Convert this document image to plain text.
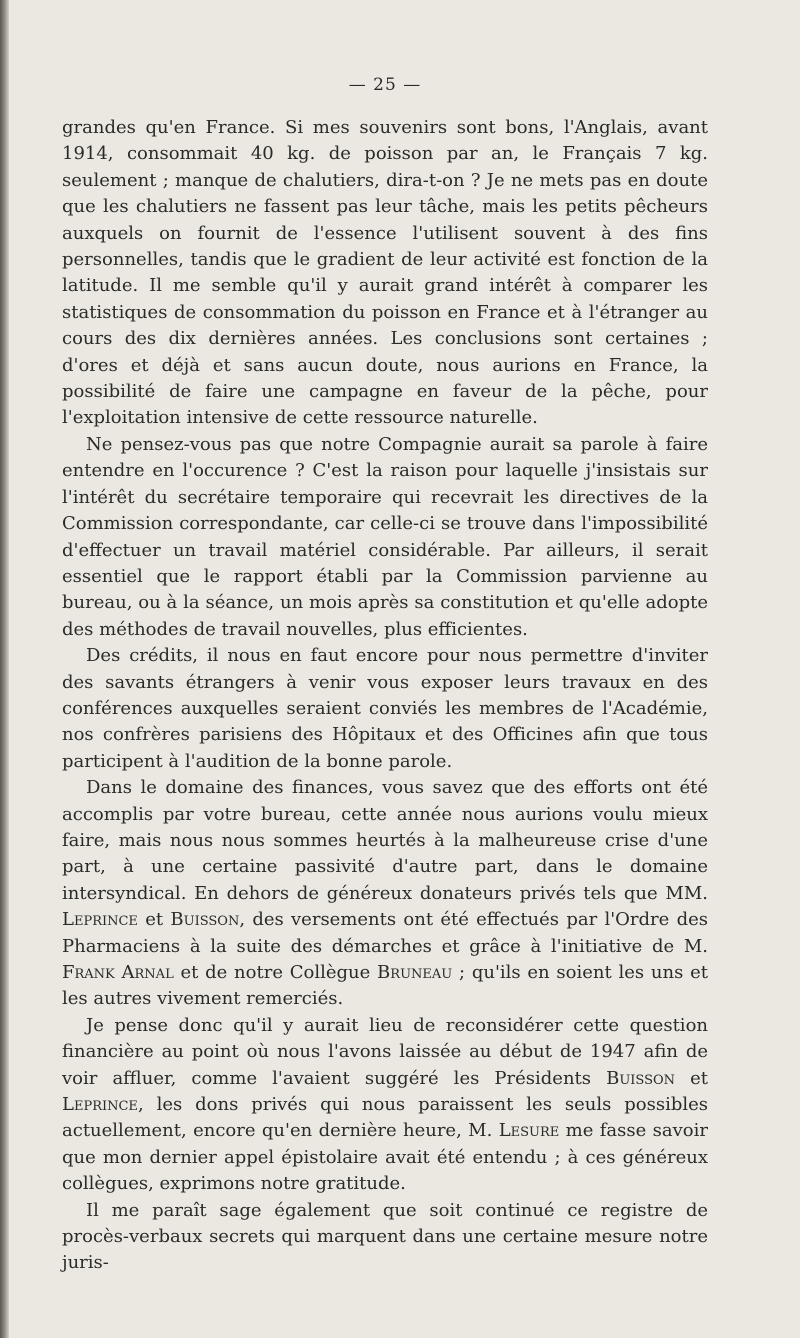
— 25 —

grandes qu'en France. Si mes souvenirs sont bons, l'Anglais, avant 1914, consommait 40 kg. de poisson par an, le Français 7 kg. seulement ; manque de chalutiers, dira-t-on ? Je ne mets pas en doute que les chalutiers ne fassent pas leur tâche, mais les petits pêcheurs auxquels on fournit de l'essence l'utilisent souvent à des fins personnelles, tandis que le gradient de leur activité est fonction de la latitude. Il me semble qu'il y aurait grand intérêt à comparer les statistiques de consommation du poisson en France et à l'étranger au cours des dix dernières années. Les conclusions sont certaines ; d'ores et déjà et sans aucun doute, nous aurions en France, la possibilité de faire une campagne en faveur de la pêche, pour l'exploitation intensive de cette ressource naturelle.

Ne pensez-vous pas que notre Compagnie aurait sa parole à faire entendre en l'occurence ? C'est la raison pour laquelle j'insistais sur l'intérêt du secrétaire temporaire qui recevrait les directives de la Commission correspondante, car celle-ci se trouve dans l'impossibilité d'effectuer un travail matériel considérable. Par ailleurs, il serait essentiel que le rapport établi par la Commission parvienne au bureau, ou à la séance, un mois après sa constitution et qu'elle adopte des méthodes de travail nouvelles, plus efficientes.

Des crédits, il nous en faut encore pour nous permettre d'inviter des savants étrangers à venir vous exposer leurs travaux en des conférences auxquelles seraient conviés les membres de l'Académie, nos confrères parisiens des Hôpitaux et des Officines afin que tous participent à l'audition de la bonne parole.

Dans le domaine des finances, vous savez que des efforts ont été accomplis par votre bureau, cette année nous aurions voulu mieux faire, mais nous nous sommes heurtés à la malheureuse crise d'une part, à une certaine passivité d'autre part, dans le domaine intersyndical. En dehors de généreux donateurs privés tels que MM. Leprince et Buisson, des versements ont été effectués par l'Ordre des Pharmaciens à la suite des démarches et grâce à l'initiative de M. Frank Arnal et de notre Collègue Bruneau ; qu'ils en soient les uns et les autres vivement remerciés.

Je pense donc qu'il y aurait lieu de reconsidérer cette question financière au point où nous l'avons laissée au début de 1947 afin de voir affluer, comme l'avaient suggéré les Présidents Buisson et Leprince, les dons privés qui nous paraissent les seuls possibles actuellement, encore qu'en dernière heure, M. Lesure me fasse savoir que mon dernier appel épistolaire avait été entendu ; à ces généreux collègues, exprimons notre gratitude.

Il me paraît sage également que soit continué ce registre de procès-verbaux secrets qui marquent dans une certaine mesure notre juris-
